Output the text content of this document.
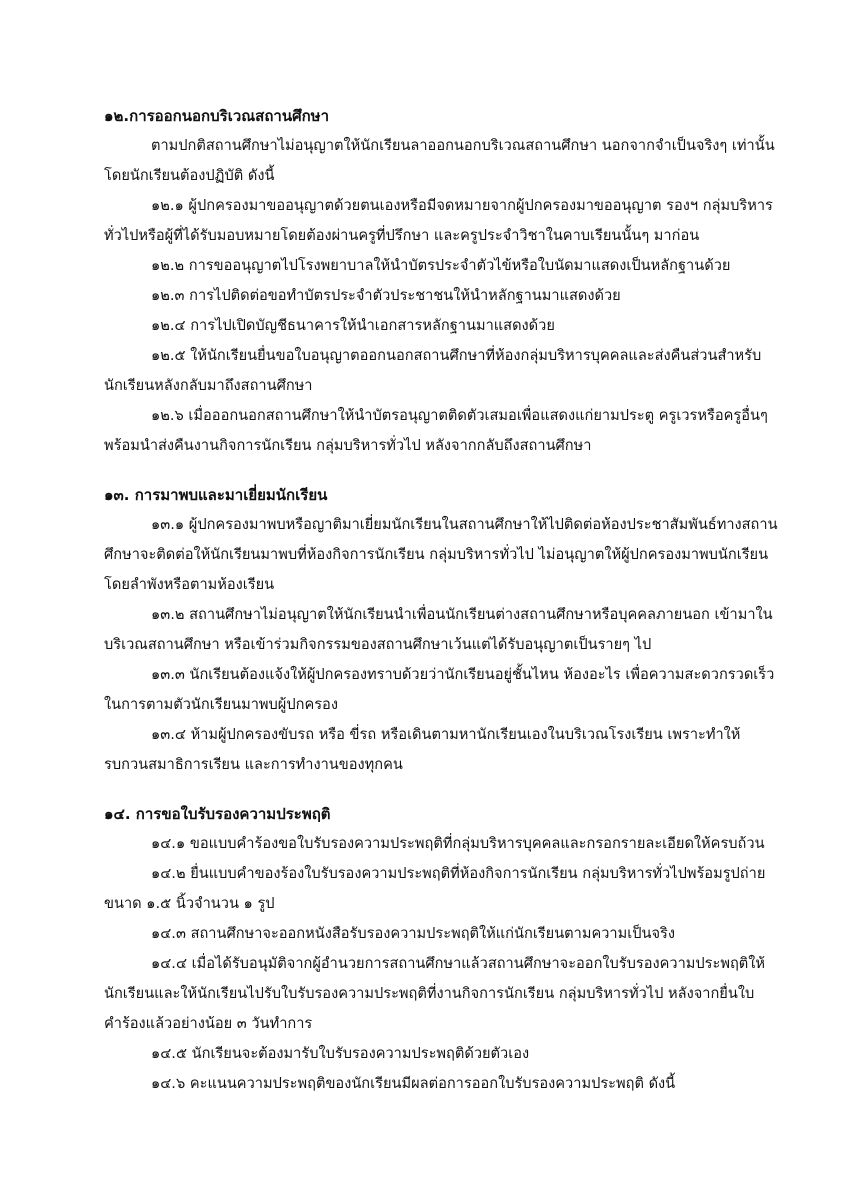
๑๒.การออกนอกบริเวณสถานศึกษา

ตามปกติสถานศึกษาไม่อนุญาตให้นักเรียนลาออกนอกบริเวณสถานศึกษา นอกจากจำเป็นจริงๆ เท่านั้นโดยนักเรียนต้องปฏิบัติ ดังนี้

๑๒.๑ ผู้ปกครองมาขออนุญาตด้วยตนเองหรือมีจดหมายจากผู้ปกครองมาขออนุญาต รองฯ กลุ่มบริหารทั่วไปหรือผู้ที่ได้รับมอบหมายโดยต้องผ่านครูที่ปรึกษา และครูประจำวิชาในคาบเรียนนั้นๆ มาก่อน

๑๒.๒ การขออนุญาตไปโรงพยาบาลให้นำบัตรประจำตัวไข้หรือใบนัดมาแสดงเป็นหลักฐานด้วย

๑๒.๓ การไปติดต่อขอทำบัตรประจำตัวประชาชนให้นำหลักฐานมาแสดงด้วย

๑๒.๔ การไปเปิดบัญชีธนาคารให้นำเอกสารหลักฐานมาแสดงด้วย

๑๒.๕ ให้นักเรียนยื่นขอใบอนุญาตออกนอกสถานศึกษาที่ห้องกลุ่มบริหารบุคคลและส่งคืนส่วนสำหรับนักเรียนหลังกลับมาถึงสถานศึกษา

๑๒.๖ เมื่อออกนอกสถานศึกษาให้นำบัตรอนุญาตติดตัวเสมอเพื่อแสดงแก่ยามประตู ครูเวรหรือครูอื่นๆ พร้อมนำส่งคืนงานกิจการนักเรียน กลุ่มบริหารทั่วไป หลังจากกลับถึงสถานศึกษา

๑๓. การมาพบและมาเยี่ยมนักเรียน

๑๓.๑ ผู้ปกครองมาพบหรือญาติมาเยี่ยมนักเรียนในสถานศึกษาให้ไปติดต่อห้องประชาสัมพันธ์ทางสถานศึกษาจะติดต่อให้นักเรียนมาพบที่ห้องกิจการนักเรียน กลุ่มบริหารทั่วไป ไม่อนุญาตให้ผู้ปกครองมาพบนักเรียนโดยลำพังหรือตามห้องเรียน

๑๓.๒ สถานศึกษาไม่อนุญาตให้นักเรียนนำเพื่อนนักเรียนต่างสถานศึกษาหรือบุคคลภายนอก เข้ามาในบริเวณสถานศึกษา หรือเข้าร่วมกิจกรรมของสถานศึกษาเว้นแต่ได้รับอนุญาตเป็นรายๆ ไป

๑๓.๓ นักเรียนต้องแจ้งให้ผู้ปกครองทราบด้วยว่านักเรียนอยู่ชั้นไหน ห้องอะไร เพื่อความสะดวกรวดเร็วในการตามตัวนักเรียนมาพบผู้ปกครอง

๑๓.๔ ห้ามผู้ปกครองขับรถ หรือ ขี่รถ หรือเดินตามหานักเรียนเองในบริเวณโรงเรียน เพราะทำให้รบกวนสมาธิการเรียน และการทำงานของทุกคน

๑๔. การขอใบรับรองความประพฤติ

๑๔.๑ ขอแบบคำร้องขอใบรับรองความประพฤติที่กลุ่มบริหารบุคคลและกรอกรายละเอียดให้ครบถ้วน

๑๔.๒ ยื่นแบบคำของร้องใบรับรองความประพฤติที่ห้องกิจการนักเรียน กลุ่มบริหารทั่วไปพร้อมรูปถ่ายขนาด ๑.๕ นิ้วจำนวน ๑ รูป

๑๔.๓ สถานศึกษาจะออกหนังสือรับรองความประพฤติให้แก่นักเรียนตามความเป็นจริง

๑๔.๔ เมื่อได้รับอนุมัติจากผู้อำนวยการสถานศึกษาแล้วสถานศึกษาจะออกใบรับรองความประพฤติให้นักเรียนและให้นักเรียนไปรับใบรับรองความประพฤติที่งานกิจการนักเรียน กลุ่มบริหารทั่วไป หลังจากยื่นใบคำร้องแล้วอย่างน้อย ๓ วันทำการ

๑๔.๕ นักเรียนจะต้องมารับใบรับรองความประพฤติด้วยตัวเอง

๑๔.๖ คะแนนความประพฤติของนักเรียนมีผลต่อการออกใบรับรองความประพฤติ ดังนี้
